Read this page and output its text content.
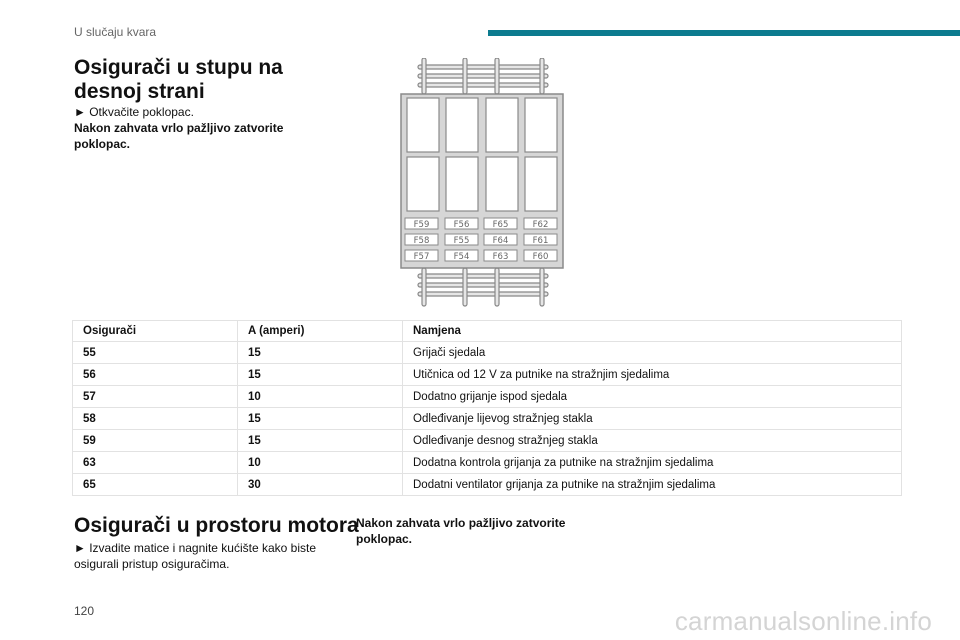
U slučaju kvara
Osigurači u stupu na desnoj strani
► Otkvačite poklopac.
Nakon zahvata vrlo pažljivo zatvorite poklopac.
F59	F56	F65	F62
F58	F55	F64	F61
F57	F54	F63	F60
Osigurači	A (amperi)	Namjena
55	15	Grijači sjedala
56	15	Utičnica od 12 V za putnike na stražnjim sjedalima
57	10	Dodatno grijanje ispod sjedala
58	15	Odleđivanje lijevog stražnjeg stakla
59	15	Odleđivanje desnog stražnjeg stakla
63	10	Dodatna kontrola grijanja za putnike na stražnjim sjedalima
65	30	Dodatni ventilator grijanja za putnike na stražnjim sjedalima
Osigurači u prostoru motora
► Izvadite matice i nagnite kućište kako biste osigurali pristup osiguračima.
Nakon zahvata vrlo pažljivo zatvorite poklopac.
120	carmanualsonline.info
